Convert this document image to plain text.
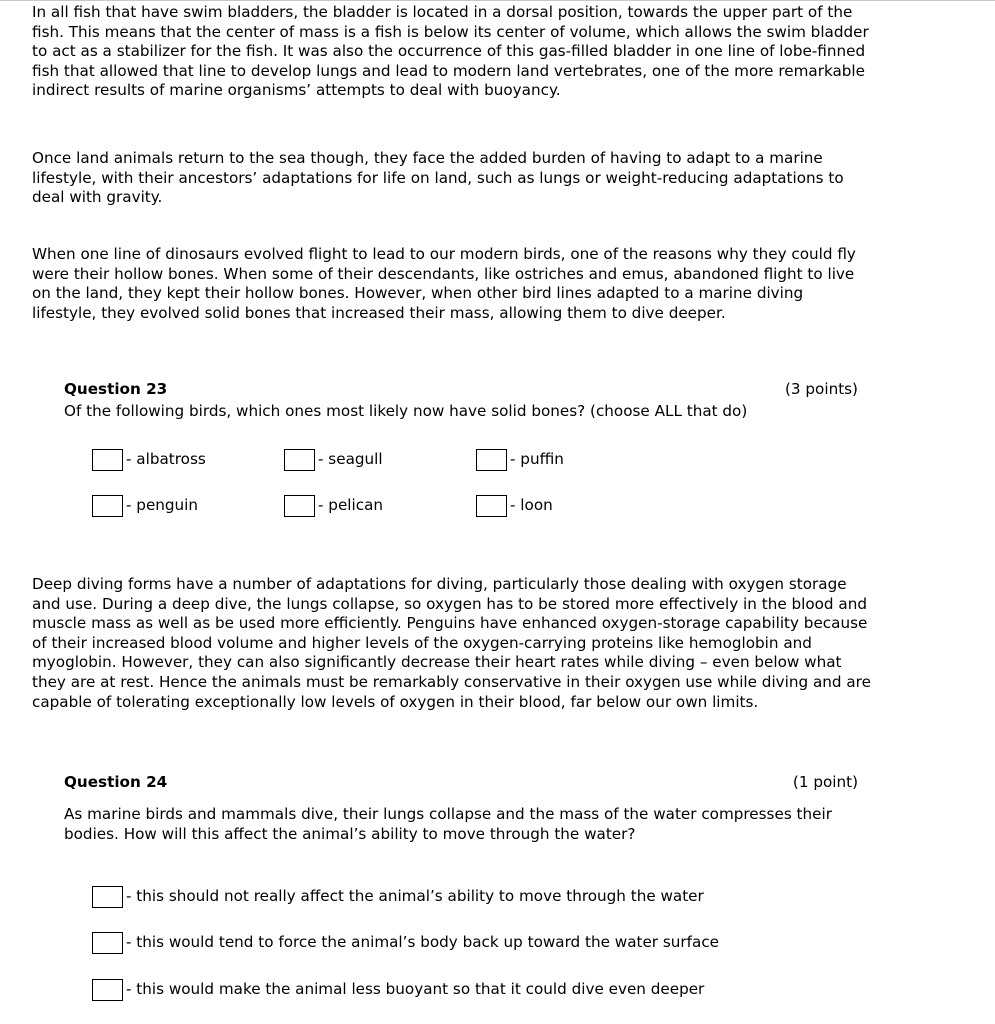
In all fish that have swim bladders, the bladder is located in a dorsal position, towards the upper part of the fish. This means that the center of mass is a fish is below its center of volume, which allows the swim bladder to act as a stabilizer for the fish. It was also the occurrence of this gas-filled bladder in one line of lobe-finned fish that allowed that line to develop lungs and lead to modern land vertebrates, one of the more remarkable indirect results of marine organisms’ attempts to deal with buoyancy.

Once land animals return to the sea though, they face the added burden of having to adapt to a marine lifestyle, with their ancestors’ adaptations for life on land, such as lungs or weight-reducing adaptations to deal with gravity.

When one line of dinosaurs evolved flight to lead to our modern birds, one of the reasons why they could fly were their hollow bones. When some of their descendants, like ostriches and emus, abandoned flight to live on the land, they kept their hollow bones. However, when other bird lines adapted to a marine diving lifestyle, they evolved solid bones that increased their mass, allowing them to dive deeper.

Question 23	(3 points)

Of the following birds, which ones most likely now have solid bones? (choose ALL that do)

- albatross	- seagull	- puffin
- penguin	- pelican	- loon

Deep diving forms have a number of adaptations for diving, particularly those dealing with oxygen storage and use. During a deep dive, the lungs collapse, so oxygen has to be stored more effectively in the blood and muscle mass as well as be used more efficiently. Penguins have enhanced oxygen-storage capability because of their increased blood volume and higher levels of the oxygen-carrying proteins like hemoglobin and myoglobin. However, they can also significantly decrease their heart rates while diving – even below what they are at rest. Hence the animals must be remarkably conservative in their oxygen use while diving and are capable of tolerating exceptionally low levels of oxygen in their blood, far below our own limits.

Question 24	(1 point)

As marine birds and mammals dive, their lungs collapse and the mass of the water compresses their bodies. How will this affect the animal’s ability to move through the water?

- this should not really affect the animal’s ability to move through the water
- this would tend to force the animal’s body back up toward the water surface
- this would make the animal less buoyant so that it could dive even deeper
